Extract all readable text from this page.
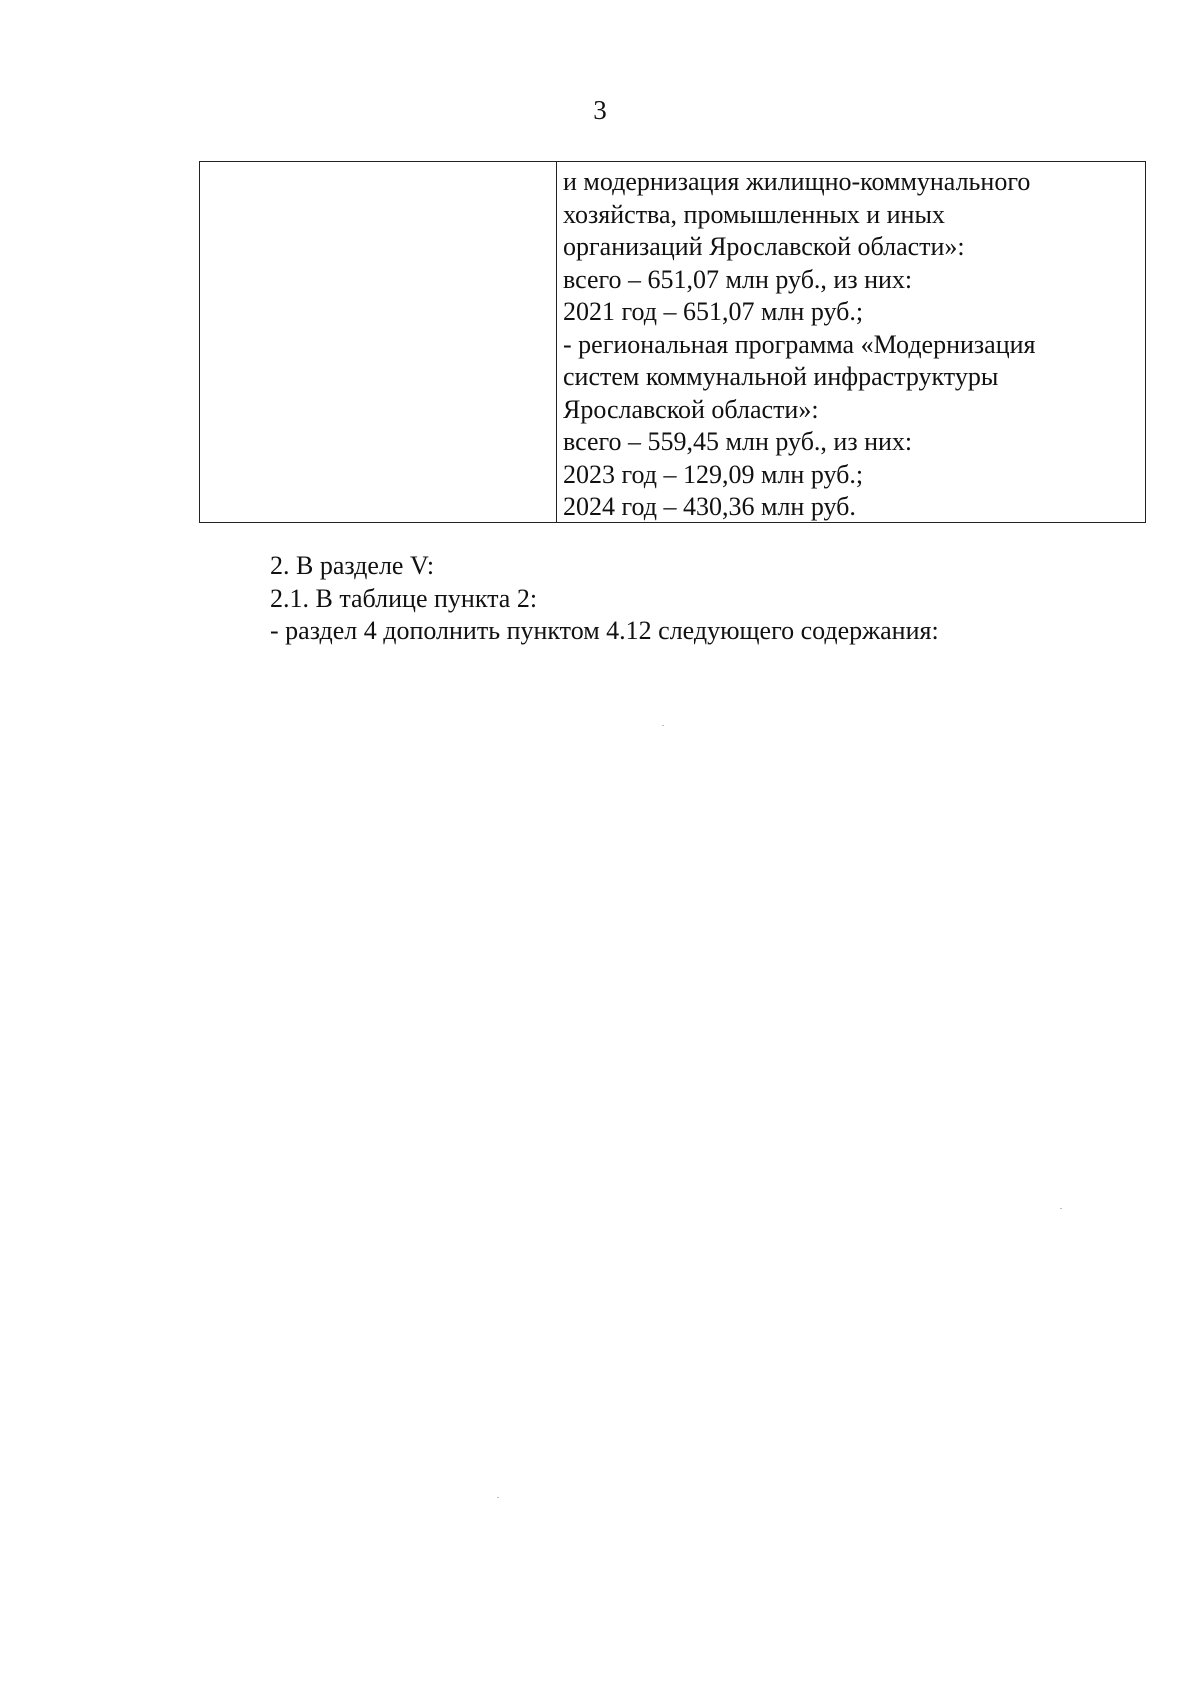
3
и модернизация жилищно-коммунального
хозяйства, промышленных и иных
организаций Ярославской области»:
всего – 651,07 млн руб., из них:
2021 год – 651,07 млн руб.;
- региональная программа «Модернизация
систем коммунальной инфраструктуры
Ярославской области»:
всего – 559,45 млн руб., из них:
2023 год – 129,09 млн руб.;
2024 год – 430,36 млн руб.
2. В разделе V:
2.1. В таблице пункта 2:
- раздел 4 дополнить пунктом 4.12 следующего содержания:
